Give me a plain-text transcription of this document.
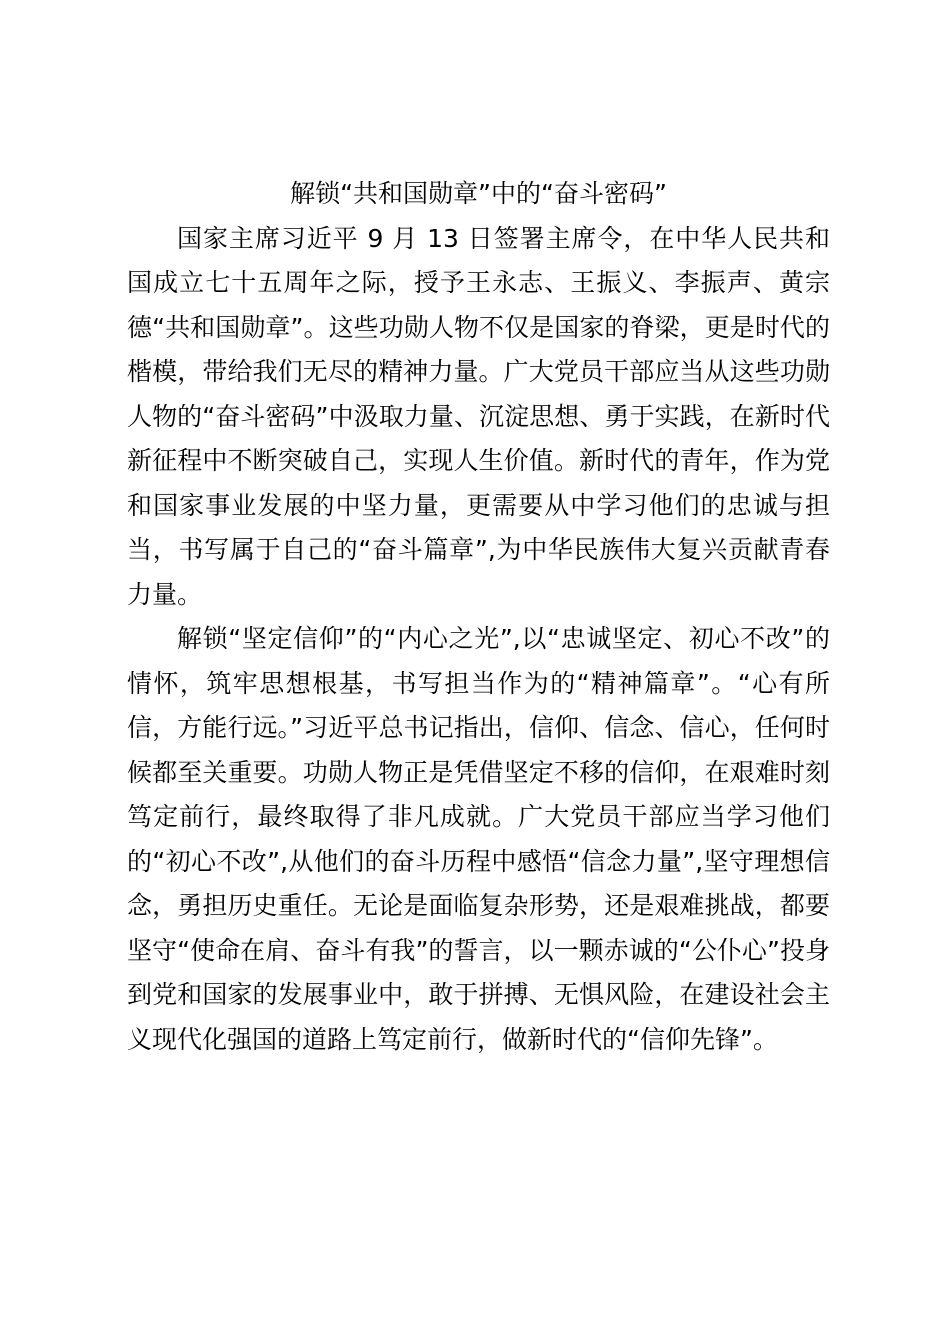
解锁“共和国勋章”中的“奋斗密码”

国家主席习近平 9 月 13 日签署主席令，在中华人民共和国成立七十五周年之际，授予王永志、王振义、李振声、黄宗德“共和国勋章”。这些功勋人物不仅是国家的脊梁，更是时代的楷模，带给我们无尽的精神力量。广大党员干部应当从这些功勋人物的“奋斗密码”中汲取力量、沉淀思想、勇于实践，在新时代新征程中不断突破自己，实现人生价值。新时代的青年，作为党和国家事业发展的中坚力量，更需要从中学习他们的忠诚与担当，书写属于自己的“奋斗篇章”,为中华民族伟大复兴贡献青春力量。

解锁“坚定信仰”的“内心之光”,以“忠诚坚定、初心不改”的情怀，筑牢思想根基，书写担当作为的“精神篇章”。“心有所信，方能行远。”习近平总书记指出，信仰、信念、信心，任何时候都至关重要。功勋人物正是凭借坚定不移的信仰，在艰难时刻笃定前行，最终取得了非凡成就。广大党员干部应当学习他们的“初心不改”,从他们的奋斗历程中感悟“信念力量”,坚守理想信念，勇担历史重任。无论是面临复杂形势，还是艰难挑战，都要坚守“使命在肩、奋斗有我”的誓言，以一颗赤诚的“公仆心”投身到党和国家的发展事业中，敢于拼搏、无惧风险，在建设社会主义现代化强国的道路上笃定前行，做新时代的“信仰先锋”。
